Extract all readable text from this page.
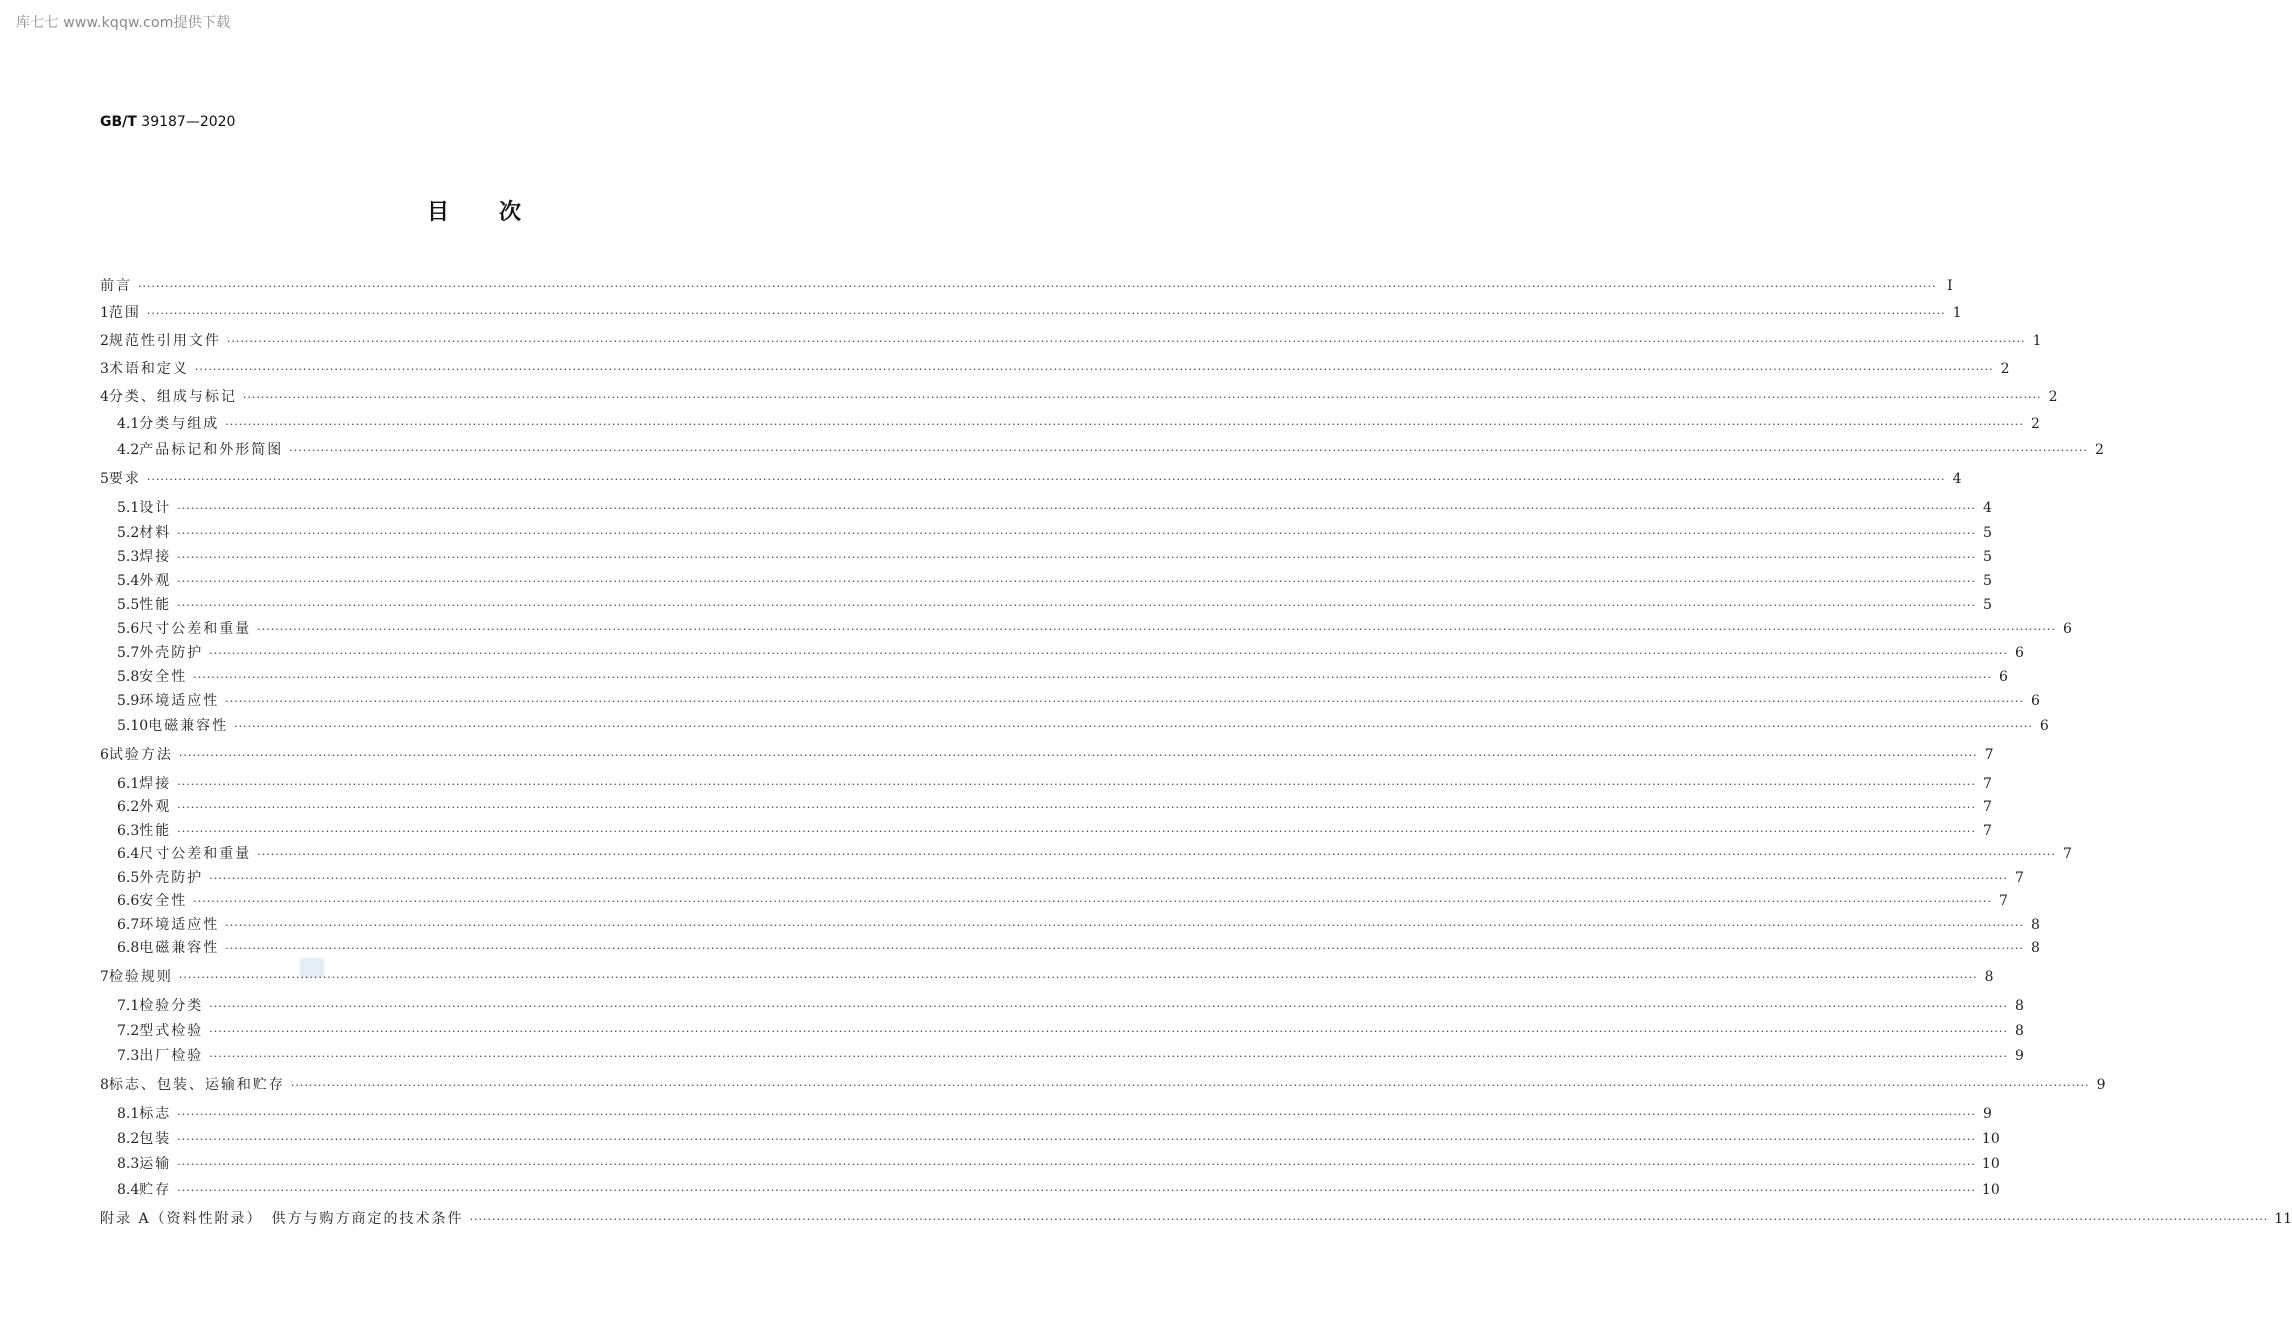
库七七 www.kqqw.com提供下载
GB/T 39187—2020
目 次
前言 ················································································································································································································································································································································································································ Ⅰ
1 范围 ················································································································································································································································································································································································································ 1
2 规范性引用文件 ················································································································································································································································································································································································································ 1
3 术语和定义 ················································································································································································································································································································································································································ 2
4 分类、组成与标记 ················································································································································································································································································································································································································ 2
4.1 分类与组成 ················································································································································································································································································································································································································ 2
4.2 产品标记和外形简图 ················································································································································································································································································································································································································ 2
5 要求 ················································································································································································································································································································································································································ 4
5.1 设计 ················································································································································································································································································································································································································ 4
5.2 材料 ················································································································································································································································································································································································································ 5
5.3 焊接 ················································································································································································································································································································································································································ 5
5.4 外观 ················································································································································································································································································································································································································ 5
5.5 性能 ················································································································································································································································································································································································································ 5
5.6 尺寸公差和重量 ················································································································································································································································································································································································································ 6
5.7 外壳防护 ················································································································································································································································································································································································································ 6
5.8 安全性 ················································································································································································································································································································································································································ 6
5.9 环境适应性 ················································································································································································································································································································································································································ 6
5.10 电磁兼容性 ················································································································································································································································································································································································································ 6
6 试验方法 ················································································································································································································································································································································································································ 7
6.1 焊接 ················································································································································································································································································································································································································ 7
6.2 外观 ················································································································································································································································································································································································································ 7
6.3 性能 ················································································································································································································································································································································································································ 7
6.4 尺寸公差和重量 ················································································································································································································································································································································································································ 7
6.5 外壳防护 ················································································································································································································································································································································································································ 7
6.6 安全性 ················································································································································································································································································································································································································ 7
6.7 环境适应性 ················································································································································································································································································································································································································ 8
6.8 电磁兼容性 ················································································································································································································································································································································································································ 8
7 检验规则 ················································································································································································································································································································································································································ 8
7.1 检验分类 ················································································································································································································································································································································································································ 8
7.2 型式检验 ················································································································································································································································································································································································································ 8
7.3 出厂检验 ················································································································································································································································································································································································································ 9
8 标志、包装、运输和贮存 ················································································································································································································································································································································································································ 9
8.1 标志 ················································································································································································································································································································································································································ 9
8.2 包装 ················································································································································································································································································································································································································ 10
8.3 运输 ················································································································································································································································································································································································································ 10
8.4 贮存 ················································································································································································································································································································································································································ 10
附录 A（资料性附录）　供方与购方商定的技术条件 ················································································································································································································································································································································································································ 11
